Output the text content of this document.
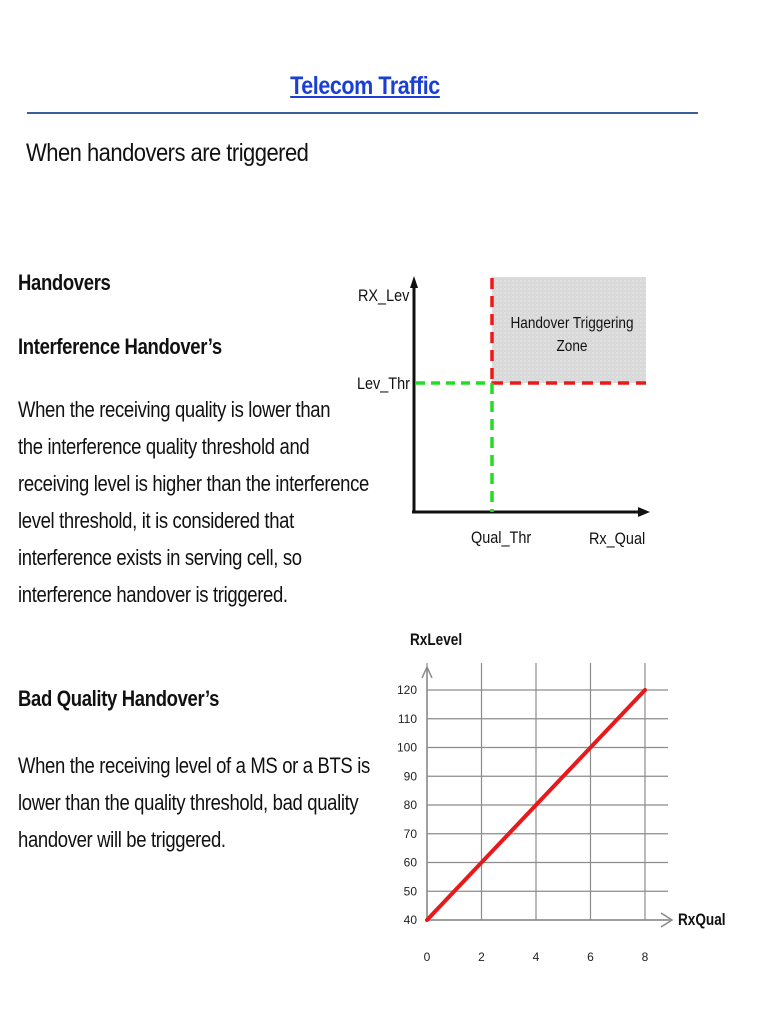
Telecom Traffic
When handovers are triggered
Handovers
Interference Handover’s
When the receiving quality is lower than
the interference quality threshold and
receiving level is higher than the interference
level threshold, it is considered that
interference exists in serving cell, so
interference handover is triggered.
Bad Quality Handover’s
When the receiving level of a MS or a BTS is
lower than the quality threshold, bad quality
handover will be triggered.
RX_Lev
Lev_Thr
Qual_Thr	Rx_Qual
Handover Triggering
Zone
40
50
60
70
80
90
100
110
120
0	2	4	6	8
RxLevel
RxQual
